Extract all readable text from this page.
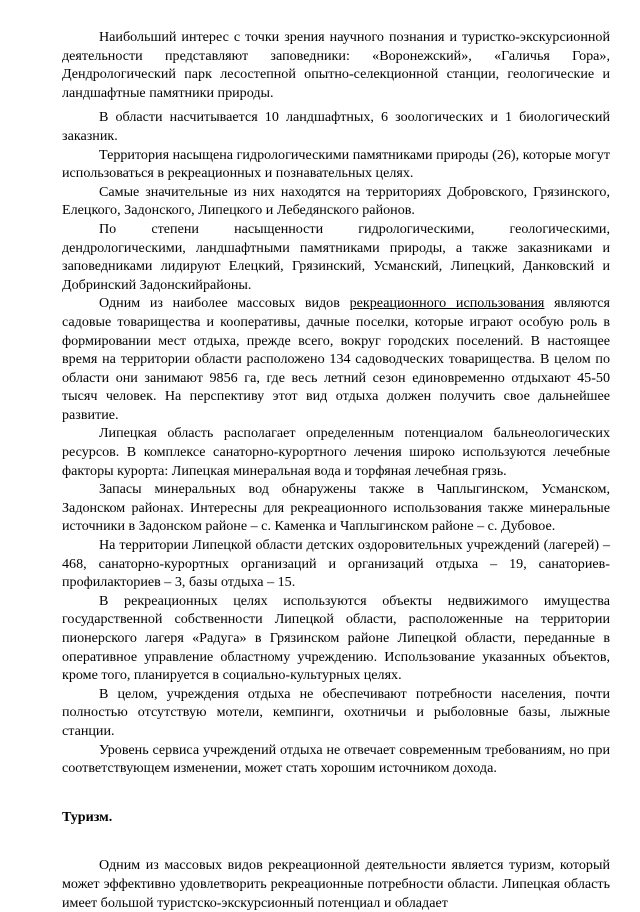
Наибольший интерес с точки зрения научного познания и туристко-экскурсионной деятельности представляют заповедники: «Воронежский», «Галичья Гора», Дендрологический парк лесостепной опытно-селекционной станции, геологические и ландшафтные памятники природы.

В области насчитывается 10 ландшафтных, 6 зоологических и 1 биологический заказник.

Территория насыщена гидрологическими памятниками природы (26), которые могут использоваться в рекреационных и познавательных целях.

Самые значительные из них находятся на территориях Добровского, Грязинского, Елецкого, Задонского, Липецкого и Лебедянского районов.

По степени насыщенности гидрологическими, геологическими, дендрологическими, ландшафтными памятниками природы, а также заказниками и заповедниками лидируют Елецкий, Грязинский, Усманский, Липецкий, Данковский и Добринский Задонскийрайоны.

Одним из наиболее массовых видов рекреационного использования являются садовые товарищества и кооперативы, дачные поселки, которые играют особую роль в формировании мест отдыха, прежде всего, вокруг городских поселений. В настоящее время на территории области расположено 134 садоводческих товарищества. В целом по области они занимают 9856 га, где весь летний сезон единовременно отдыхают 45-50 тысяч человек. На перспективу этот вид отдыха должен получить свое дальнейшее развитие.

Липецкая область располагает определенным потенциалом бальнеологических ресурсов. В комплексе санаторно-курортного лечения широко используются лечебные факторы курорта: Липецкая минеральная вода и торфяная лечебная грязь.

Запасы минеральных вод обнаружены также в Чаплыгинском, Усманском, Задонском районах. Интересны для рекреационного использования также минеральные источники в Задонском районе – с. Каменка и Чаплыгинском районе – с. Дубовое.

На территории Липецкой области детских оздоровительных учреждений (лагерей) – 468, санаторно-курортных организаций и организаций отдыха – 19, санаториев-профилакториев – 3, базы отдыха – 15.

В рекреационных целях используются объекты недвижимого имущества государственной собственности Липецкой области, расположенные на территории пионерского лагеря «Радуга» в Грязинском районе Липецкой области, переданные в оперативное управление областному учреждению. Использование указанных объектов, кроме того, планируется в социально-культурных целях.

В целом, учреждения отдыха не обеспечивают потребности населения, почти полностью отсутствую мотели, кемпинги, охотничьи и рыболовные базы, лыжные станции.

Уровень сервиса учреждений отдыха не отвечает современным требованиям, но при соответствующем изменении, может стать хорошим источником дохода.

Туризм.

Одним из массовых видов рекреационной деятельности является туризм, который может эффективно удовлетворить рекреационные потребности области. Липецкая область имеет большой туристско-экскурсионный потенциал и обладает
